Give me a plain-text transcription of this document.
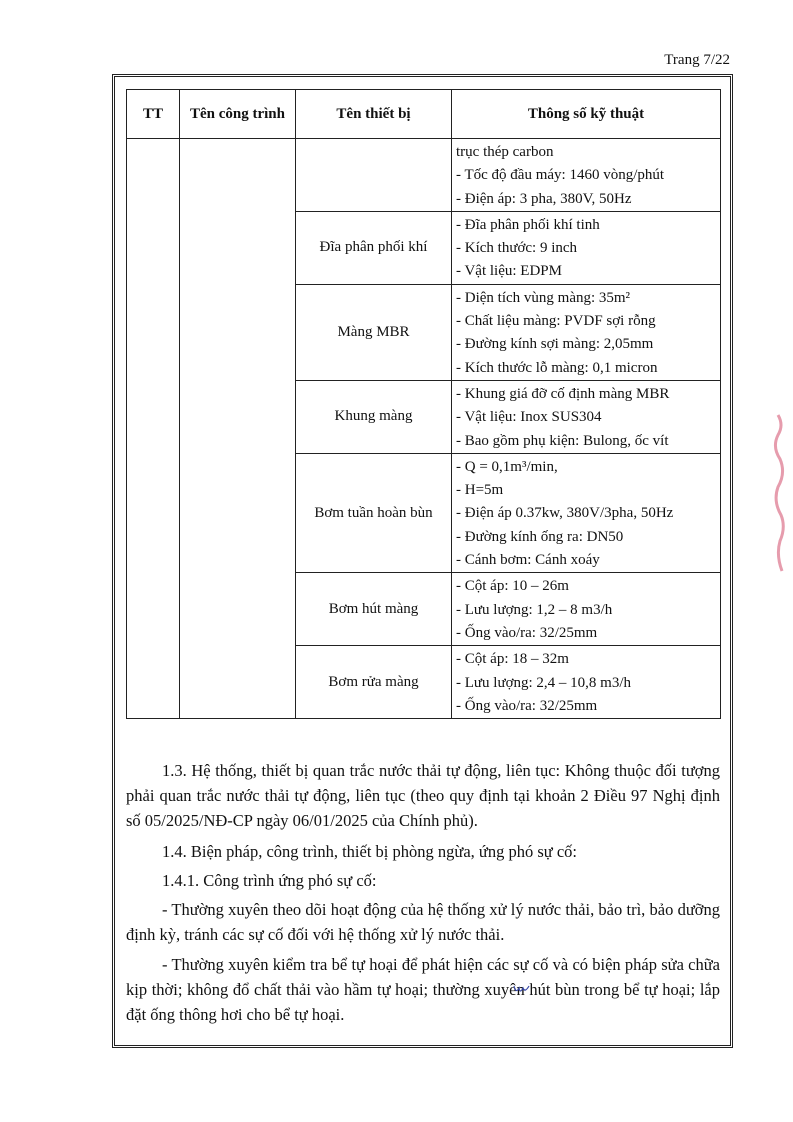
Trang 7/22
TT	Tên công trình	Tên thiết bị	Thông số kỹ thuật

			trục thép carbon
- Tốc độ đầu máy: 1460 vòng/phút
- Điện áp: 3 pha, 380V, 50Hz

		Đĩa phân phối khí	- Đĩa phân phối khí tinh
- Kích thước: 9 inch
- Vật liệu: EDPM

		Màng MBR	- Diện tích vùng màng: 35m²
- Chất liệu màng: PVDF sợi rỗng
- Đường kính sợi màng: 2,05mm
- Kích thước lỗ màng: 0,1 micron

		Khung màng	- Khung giá đỡ cố định màng MBR
- Vật liệu: Inox SUS304
- Bao gồm phụ kiện: Bulong, ốc vít

		Bơm tuần hoàn bùn	- Q = 0,1m³/min,
- H=5m
- Điện áp 0.37kw, 380V/3pha, 50Hz
- Đường kính ống ra: DN50
- Cánh bơm: Cánh xoáy

		Bơm hút màng	- Cột áp: 10 – 26m
- Lưu lượng: 1,2 – 8 m3/h
- Ống vào/ra: 32/25mm

		Bơm rửa màng	- Cột áp: 18 – 32m
- Lưu lượng: 2,4 – 10,8 m3/h
- Ống vào/ra: 32/25mm

1.3. Hệ thống, thiết bị quan trắc nước thải tự động, liên tục: Không thuộc đối tượng phải quan trắc nước thải tự động, liên tục (theo quy định tại khoản 2 Điều 97 Nghị định số 05/2025/NĐ-CP ngày 06/01/2025 của Chính phủ).

1.4. Biện pháp, công trình, thiết bị phòng ngừa, ứng phó sự cố:

1.4.1. Công trình ứng phó sự cố:

- Thường xuyên theo dõi hoạt động của hệ thống xử lý nước thải, bảo trì, bảo dưỡng định kỳ, tránh các sự cố đối với hệ thống xử lý nước thải.

- Thường xuyên kiểm tra bể tự hoại để phát hiện các sự cố và có biện pháp sửa chữa kịp thời; không đổ chất thải vào hầm tự hoại; thường xuyên hút bùn trong bể tự hoại; lắp đặt ống thông hơi cho bể tự hoại.
